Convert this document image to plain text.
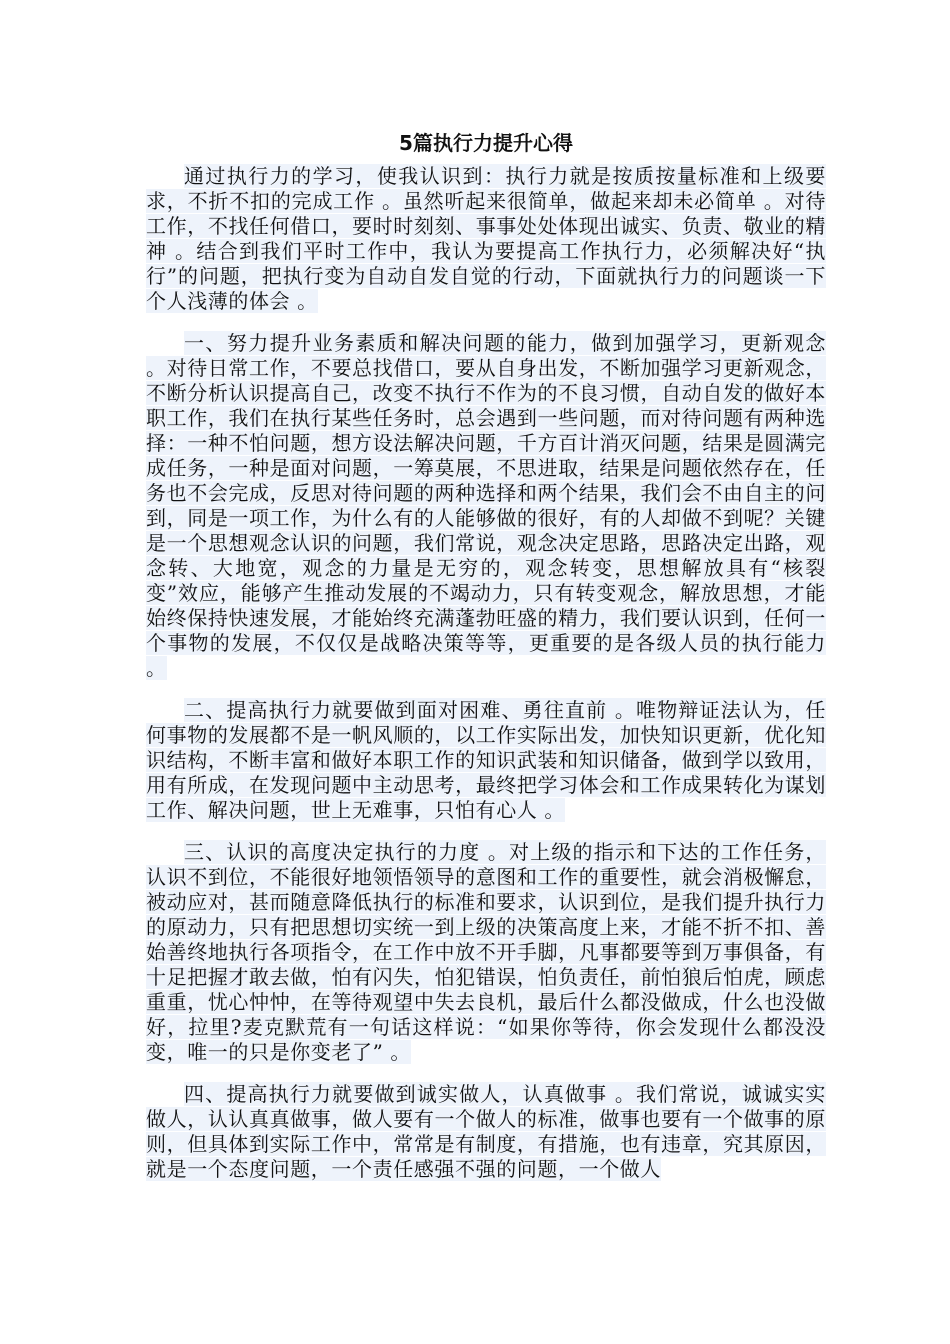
5篇执行力提升心得

通过执行力的学习，使我认识到：执行力就是按质按量标准和上级要求，不折不扣的完成工作 。虽然听起来很简单，做起来却未必简单 。对待工作，不找任何借口，要时时刻刻、事事处处体现出诚实、负责、敬业的精神 。结合到我们平时工作中，我认为要提高工作执行力，必须解决好“执行”的问题，把执行变为自动自发自觉的行动，下面就执行力的问题谈一下个人浅薄的体会 。

一、努力提升业务素质和解决问题的能力，做到加强学习，更新观念 。对待日常工作，不要总找借口，要从自身出发，不断加强学习更新观念，不断分析认识提高自己，改变不执行不作为的不良习惯，自动自发的做好本职工作，我们在执行某些任务时，总会遇到一些问题，而对待问题有两种选择：一种不怕问题，想方设法解决问题，千方百计消灭问题，结果是圆满完成任务，一种是面对问题，一筹莫展，不思进取，结果是问题依然存在，任务也不会完成，反思对待问题的两种选择和两个结果，我们会不由自主的问到，同是一项工作，为什么有的人能够做的很好，有的人却做不到呢？关键是一个思想观念认识的问题，我们常说，观念决定思路，思路决定出路，观念转、大地宽，观念的力量是无穷的，观念转变，思想解放具有“核裂变”效应，能够产生推动发展的不竭动力，只有转变观念，解放思想，才能始终保持快速发展，才能始终充满蓬勃旺盛的精力，我们要认识到，任何一个事物的发展，不仅仅是战略决策等等，更重要的是各级人员的执行能力 。

二、提高执行力就要做到面对困难、勇往直前 。唯物辩证法认为，任何事物的发展都不是一帆风顺的，以工作实际出发，加快知识更新，优化知识结构，不断丰富和做好本职工作的知识武装和知识储备，做到学以致用，用有所成，在发现问题中主动思考，最终把学习体会和工作成果转化为谋划工作、解决问题，世上无难事，只怕有心人 。

三、认识的高度决定执行的力度 。对上级的指示和下达的工作任务，认识不到位，不能很好地领悟领导的意图和工作的重要性，就会消极懈怠，被动应对，甚而随意降低执行的标准和要求，认识到位，是我们提升执行力的原动力，只有把思想切实统一到上级的决策高度上来，才能不折不扣、善始善终地执行各项指令，在工作中放不开手脚，凡事都要等到万事俱备，有十足把握才敢去做，怕有闪失，怕犯错误，怕负责任，前怕狼后怕虎，顾虑重重，忧心忡忡，在等待观望中失去良机，最后什么都没做成，什么也没做好，拉里?麦克默荒有一句话这样说：“如果你等待，你会发现什么都没没变，唯一的只是你变老了” 。

四、提高执行力就要做到诚实做人，认真做事 。我们常说，诚诚实实做人，认认真真做事，做人要有一个做人的标准，做事也要有一个做事的原则，但具体到实际工作中，常常是有制度，有措施，也有违章，究其原因，就是一个态度问题，一个责任感强不强的问题，一个做人
